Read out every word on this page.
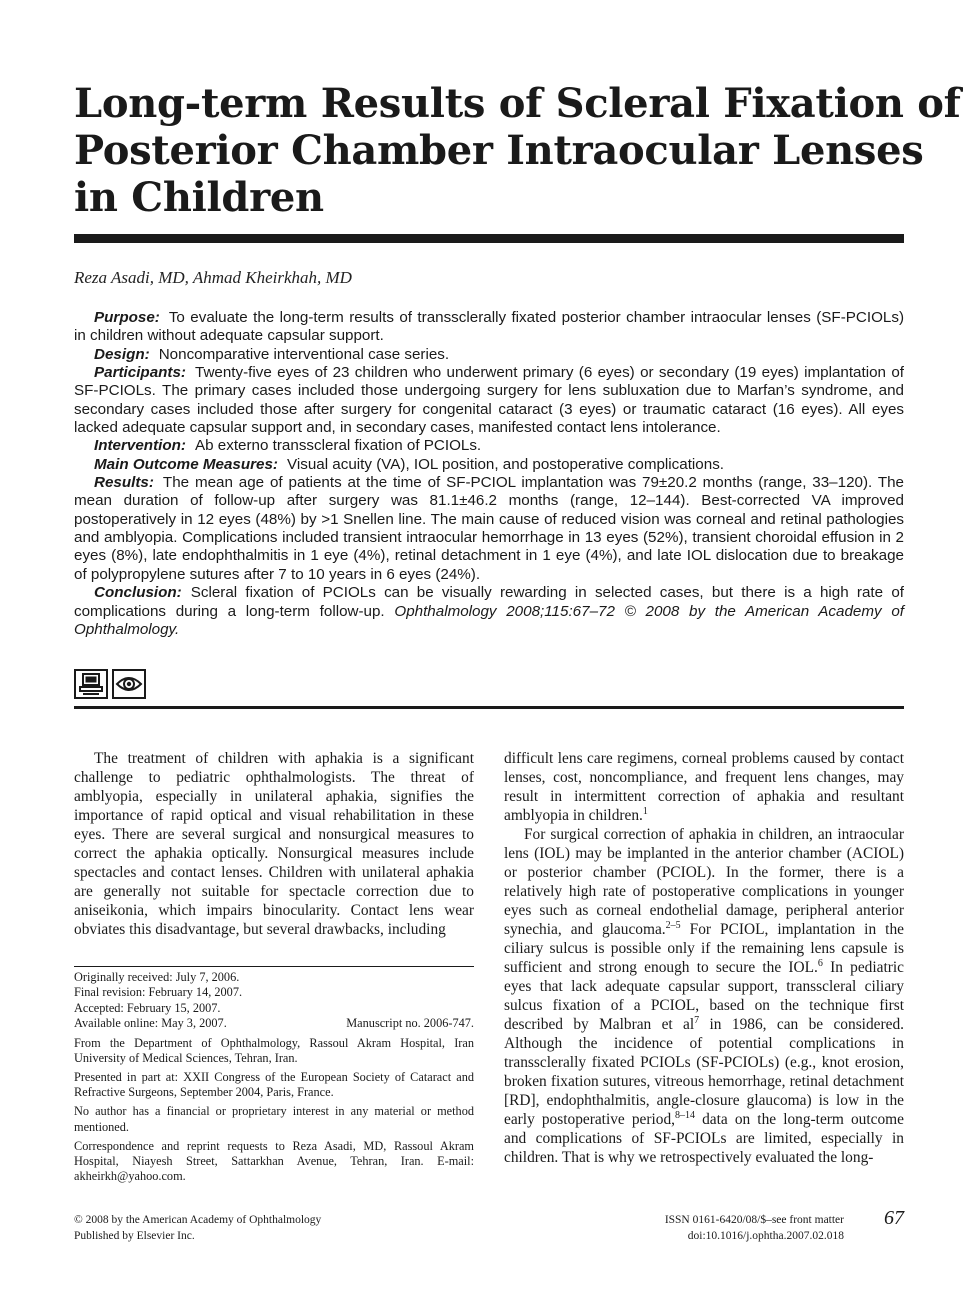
Long-term Results of Scleral Fixation of
Posterior Chamber Intraocular Lenses
in Children
Reza Asadi, MD, Ahmad Kheirkhah, MD

Purpose: To evaluate the long-term results of transsclerally fixated posterior chamber intraocular lenses (SF-PCIOLs) in children without adequate capsular support.

Design: Noncomparative interventional case series.

Participants: Twenty-five eyes of 23 children who underwent primary (6 eyes) or secondary (19 eyes) implantation of SF-PCIOLs. The primary cases included those undergoing surgery for lens subluxation due to Marfan’s syndrome, and secondary cases included those after surgery for congenital cataract (3 eyes) or traumatic cataract (16 eyes). All eyes lacked adequate capsular support and, in secondary cases, manifested contact lens intolerance.

Intervention: Ab externo transscleral fixation of PCIOLs.

Main Outcome Measures: Visual acuity (VA), IOL position, and postoperative complications.

Results: The mean age of patients at the time of SF-PCIOL implantation was 79±20.2 months (range, 33–120). The mean duration of follow-up after surgery was 81.1±46.2 months (range, 12–144). Best-corrected VA improved postoperatively in 12 eyes (48%) by >1 Snellen line. The main cause of reduced vision was corneal and retinal pathologies and amblyopia. Complications included transient intraocular hemorrhage in 13 eyes (52%), transient choroidal effusion in 2 eyes (8%), late endophthalmitis in 1 eye (4%), retinal detachment in 1 eye (4%), and late IOL dislocation due to breakage of polypropylene sutures after 7 to 10 years in 6 eyes (24%).

Conclusion: Scleral fixation of PCIOLs can be visually rewarding in selected cases, but there is a high rate of complications during a long-term follow-up. Ophthalmology 2008;115:67–72 © 2008 by the American Academy of Ophthalmology.

The treatment of children with aphakia is a significant challenge to pediatric ophthalmologists. The threat of amblyopia, especially in unilateral aphakia, signifies the importance of rapid optical and visual rehabilitation in these eyes. There are several surgical and nonsurgical measures to correct the aphakia optically. Nonsurgical measures include spectacles and contact lenses. Children with unilateral aphakia are generally not suitable for spectacle correction due to aniseikonia, which impairs binocularity. Contact lens wear obviates this disadvantage, but several drawbacks, including

Originally received: July 7, 2006.
Final revision: February 14, 2007.
Accepted: February 15, 2007.
Available online: May 3, 2007.	Manuscript no. 2006-747.

From the Department of Ophthalmology, Rassoul Akram Hospital, Iran University of Medical Sciences, Tehran, Iran.

Presented in part at: XXII Congress of the European Society of Cataract and Refractive Surgeons, September 2004, Paris, France.

No author has a financial or proprietary interest in any material or method mentioned.

Correspondence and reprint requests to Reza Asadi, MD, Rassoul Akram Hospital, Niayesh Street, Sattarkhan Avenue, Tehran, Iran. E-mail: akheirkh@yahoo.com.

difficult lens care regimens, corneal problems caused by contact lenses, cost, noncompliance, and frequent lens changes, may result in intermittent correction of aphakia and resultant amblyopia in children.$^1$

For surgical correction of aphakia in children, an intraocular lens (IOL) may be implanted in the anterior chamber (ACIOL) or posterior chamber (PCIOL). In the former, there is a relatively high rate of postoperative complications in younger eyes such as corneal endothelial damage, peripheral anterior synechia, and glaucoma.$^{2-5}$ For PCIOL, implantation in the ciliary sulcus is possible only if the remaining lens capsule is sufficient and strong enough to secure the IOL.$^6$ In pediatric eyes that lack adequate capsular support, transscleral ciliary sulcus fixation of a PCIOL, based on the technique first described by Malbran et $al^7$ in 1986, can be considered. Although the incidence of potential complications in transsclerally fixated PCIOLs (SF-PCIOLs) (e.g., knot erosion, broken fixation sutures, vitreous hemorrhage, retinal detachment [RD], endophthalmitis, angle-closure glaucoma) is low in the early postoperative period,$^{8-14}$ data on the long-term outcome and complications of SF-PCIOLs are limited, especially in children. That is why we retrospectively evaluated the long-

© 2008 by the American Academy of Ophthalmology
Published by Elsevier Inc.
ISSN 0161-6420/08/$–see front matter
doi:10.1016/j.ophtha.2007.02.018
67
